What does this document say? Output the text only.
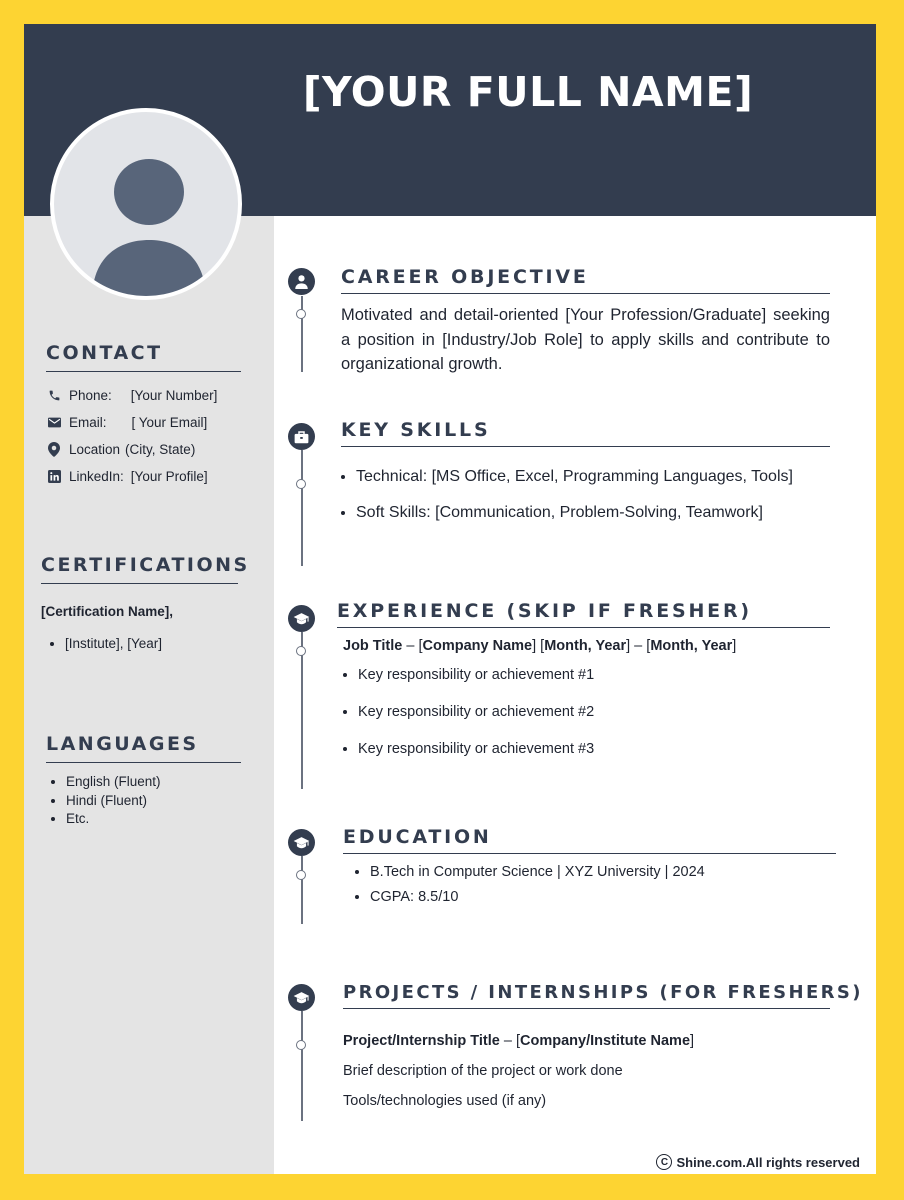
[YOUR FULL NAME]
CONTACT
Phone: [Your Number]
Email: [ Your Email]
Location (City, State)
LinkedIn: [Your Profile]
CERTIFICATIONS
[Certification Name],
• [Institute], [Year]
LANGUAGES
• English (Fluent)
• Hindi (Fluent)
• Etc.
CAREER OBJECTIVE
Motivated and detail-oriented [Your Profession/Graduate] seeking a position in [Industry/Job Role] to apply skills and contribute to organizational growth.
KEY SKILLS
• Technical: [MS Office, Excel, Programming Languages, Tools]
• Soft Skills: [Communication, Problem-Solving, Teamwork]
EXPERIENCE (SKIP IF FRESHER)
Job Title – [Company Name] [Month, Year] – [Month, Year]
• Key responsibility or achievement #1
• Key responsibility or achievement #2
• Key responsibility or achievement #3
EDUCATION
• B.Tech in Computer Science | XYZ University | 2024
• CGPA: 8.5/10
PROJECTS / INTERNSHIPS (FOR FRESHERS)
Project/Internship Title – [Company/Institute Name]
Brief description of the project or work done
Tools/technologies used (if any)
C Shine.com.All rights reserved
